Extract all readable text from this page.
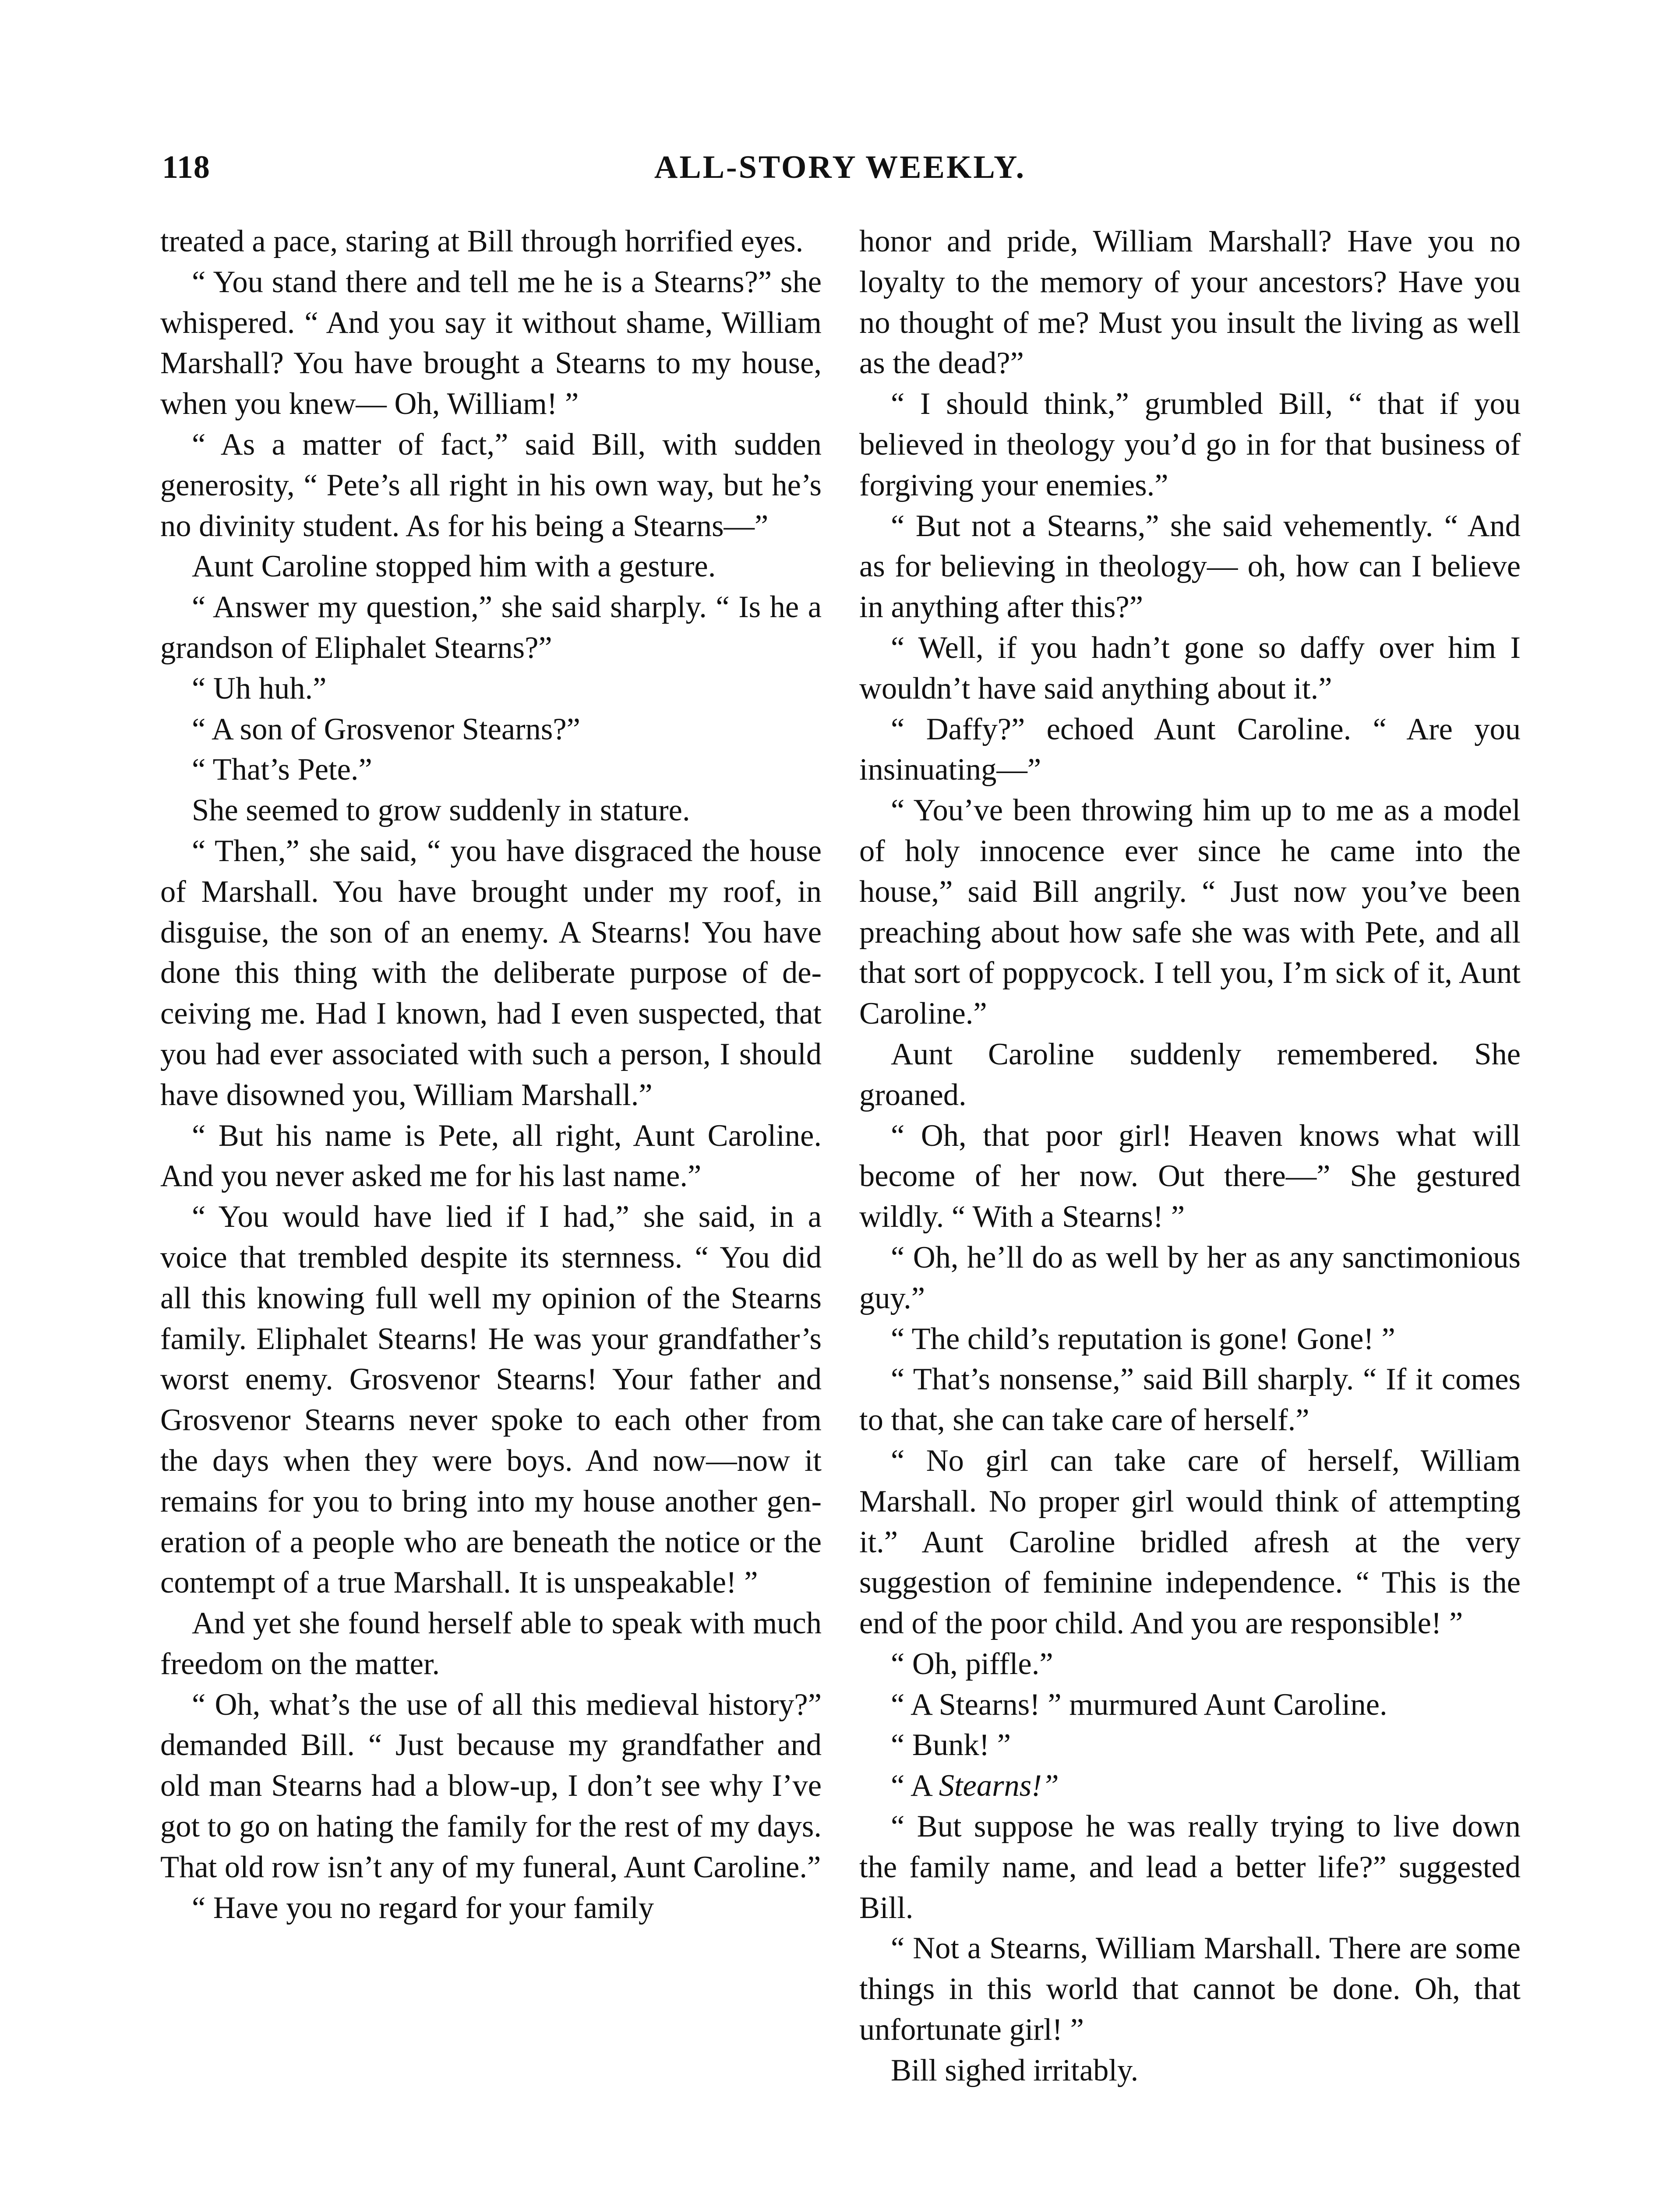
118	ALL-STORY WEEKLY.

treated a pace, staring at Bill through horrified eyes.

“ You stand there and tell me he is a Stearns?” she whispered. “ And you say it without shame, William Marshall? You have brought a Stearns to my house, when you knew— Oh, William! ”

“ As a matter of fact,” said Bill, with sudden generosity, “ Pete’s all right in his own way, but he’s no divinity student. As for his being a Stearns—”

Aunt Caroline stopped him with a gesture.

“ Answer my question,” she said sharply. “ Is he a grandson of Eliphalet Stearns?”

“ Uh huh.”

“ A son of Grosvenor Stearns?”

“ That’s Pete.”

She seemed to grow suddenly in stature.

“ Then,” she said, “ you have disgraced the house of Marshall. You have brought under my roof, in disguise, the son of an enemy. A Stearns! You have done this thing with the deliberate purpose of deceiving me. Had I known, had I even suspected, that you had ever associated with such a person, I should have disowned you, William Marshall.”

“ But his name is Pete, all right, Aunt Caroline. And you never asked me for his last name.”

“ You would have lied if I had,” she said, in a voice that trembled despite its sternness. “ You did all this knowing full well my opinion of the Stearns family. Eliphalet Stearns! He was your grandfather’s worst enemy. Grosvenor Stearns! Your father and Grosvenor Stearns never spoke to each other from the days when they were boys. And now—now it remains for you to bring into my house another generation of a people who are beneath the notice or the contempt of a true Marshall. It is unspeakable! ”

And yet she found herself able to speak with much freedom on the matter.

“ Oh, what’s the use of all this medieval history?” demanded Bill. “ Just because my grandfather and old man Stearns had a blow-up, I don’t see why I’ve got to go on hating the family for the rest of my days. That old row isn’t any of my funeral, Aunt Caroline.”

“ Have you no regard for your family

honor and pride, William Marshall? Have you no loyalty to the memory of your ancestors? Have you no thought of me? Must you insult the living as well as the dead?”

“ I should think,” grumbled Bill, “ that if you believed in theology you’d go in for that business of forgiving your enemies.”

“ But not a Stearns,” she said vehemently. “ And as for believing in theology— oh, how can I believe in anything after this?”

“ Well, if you hadn’t gone so daffy over him I wouldn’t have said anything about it.”

“ Daffy?” echoed Aunt Caroline. “ Are you insinuating—”

“ You’ve been throwing him up to me as a model of holy innocence ever since he came into the house,” said Bill angrily. “ Just now you’ve been preaching about how safe she was with Pete, and all that sort of poppycock. I tell you, I’m sick of it, Aunt Caroline.”

Aunt Caroline suddenly remembered. She groaned.

“ Oh, that poor girl! Heaven knows what will become of her now. Out there—” She gestured wildly. “ With a Stearns! ”

“ Oh, he’ll do as well by her as any sanctimonious guy.”

“ The child’s reputation is gone! Gone! ”

“ That’s nonsense,” said Bill sharply. “ If it comes to that, she can take care of herself.”

“ No girl can take care of herself, William Marshall. No proper girl would think of attempting it.” Aunt Caroline bridled afresh at the very suggestion of feminine independence. “ This is the end of the poor child. And you are responsible! ”

“ Oh, piffle.”

“ A Stearns! ” murmured Aunt Caroline.

“ Bunk! ”

“ A Stearns!”

“ But suppose he was really trying to live down the family name, and lead a better life?” suggested Bill.

“ Not a Stearns, William Marshall. There are some things in this world that cannot be done. Oh, that unfortunate girl! ”

Bill sighed irritably.
